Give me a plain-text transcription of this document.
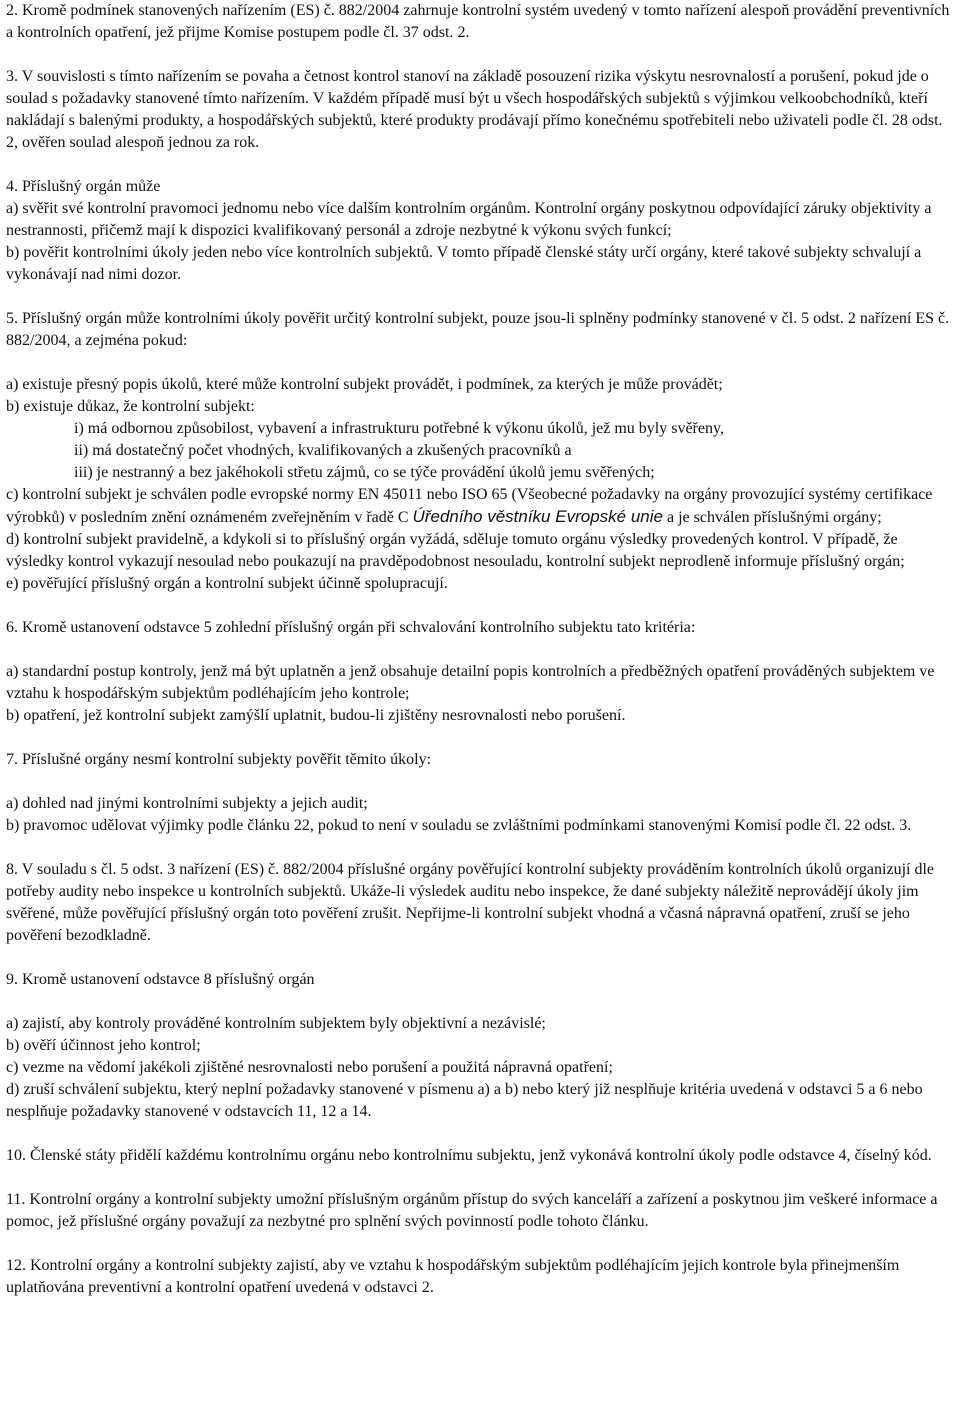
2. Kromě podmínek stanovených nařízením (ES) č. 882/2004 zahrnuje kontrolní systém uvedený v tomto nařízení alespoň provádění preventivních a kontrolních opatření, jež přijme Komise postupem podle čl. 37 odst. 2.

3. V souvislosti s tímto nařízením se povaha a četnost kontrol stanoví na základě posouzení rizika výskytu nesrovnalostí a porušení, pokud jde o soulad s požadavky stanovené tímto nařízením. V každém případě musí být u všech hospodářských subjektů s výjimkou velkoobchodníků, kteří nakládají s balenými produkty, a hospodářských subjektů, které produkty prodávají přímo konečnému spotřebiteli nebo uživateli podle čl. 28 odst. 2, ověřen soulad alespoň jednou za rok.

4. Příslušný orgán může

a) svěřit své kontrolní pravomoci jednomu nebo více dalším kontrolním orgánům. Kontrolní orgány poskytnou odpovídající záruky objektivity a nestrannosti, přičemž mají k dispozici kvalifikovaný personál a zdroje nezbytné k výkonu svých funkcí;

b) pověřit kontrolními úkoly jeden nebo více kontrolních subjektů. V tomto případě členské státy určí orgány, které takové subjekty schvalují a vykonávají nad nimi dozor.

5. Příslušný orgán může kontrolními úkoly pověřit určitý kontrolní subjekt, pouze jsou-li splněny podmínky stanovené v čl. 5 odst. 2 nařízení ES č. 882/2004, a zejména pokud:

a) existuje přesný popis úkolů, které může kontrolní subjekt provádět, i podmínek, za kterých je může provádět;

b) existuje důkaz, že kontrolní subjekt:

i) má odbornou způsobilost, vybavení a infrastrukturu potřebné k výkonu úkolů, jež mu byly svěřeny,

ii) má dostatečný počet vhodných, kvalifikovaných a zkušených pracovníků a

iii) je nestranný a bez jakéhokoli střetu zájmů, co se týče provádění úkolů jemu svěřených;

c) kontrolní subjekt je schválen podle evropské normy EN 45011 nebo ISO 65 (Všeobecné požadavky na orgány provozující systémy certifikace výrobků) v posledním znění oznámeném zveřejněním v řadě C Úředního věstníku Evropské unie a je schválen příslušnými orgány;

d) kontrolní subjekt pravidelně, a kdykoli si to příslušný orgán vyžádá, sděluje tomuto orgánu výsledky provedených kontrol. V případě, že výsledky kontrol vykazují nesoulad nebo poukazují na pravděpodobnost nesouladu, kontrolní subjekt neprodleně informuje příslušný orgán;

e) pověřující příslušný orgán a kontrolní subjekt účinně spolupracují.

6. Kromě ustanovení odstavce 5 zohlední příslušný orgán při schvalování kontrolního subjektu tato kritéria:

a) standardní postup kontroly, jenž má být uplatněn a jenž obsahuje detailní popis kontrolních a předběžných opatření prováděných subjektem ve vztahu k hospodářským subjektům podléhajícím jeho kontrole;

b) opatření, jež kontrolní subjekt zamýšlí uplatnit, budou-li zjištěny nesrovnalosti nebo porušení.

7. Příslušné orgány nesmí kontrolní subjekty pověřit těmito úkoly:

a) dohled nad jinými kontrolními subjekty a jejich audit;

b) pravomoc udělovat výjimky podle článku 22, pokud to není v souladu se zvláštními podmínkami stanovenými Komisí podle čl. 22 odst. 3.

8. V souladu s čl. 5 odst. 3 nařízení (ES) č. 882/2004 příslušné orgány pověřující kontrolní subjekty prováděním kontrolních úkolů organizují dle potřeby audity nebo inspekce u kontrolních subjektů. Ukáže-li výsledek auditu nebo inspekce, že dané subjekty náležitě neprovádějí úkoly jim svěřené, může pověřující příslušný orgán toto pověření zrušit. Nepřijme-li kontrolní subjekt vhodná a včasná nápravná opatření, zruší se jeho pověření bezodkladně.

9. Kromě ustanovení odstavce 8 příslušný orgán

a) zajistí, aby kontroly prováděné kontrolním subjektem byly objektivní a nezávislé;

b) ověří účinnost jeho kontrol;

c) vezme na vědomí jakékoli zjištěné nesrovnalosti nebo porušení a použitá nápravná opatření;

d) zruší schválení subjektu, který neplní požadavky stanovené v písmenu a) a b) nebo který již nesplňuje kritéria uvedená v odstavci 5 a 6 nebo nesplňuje požadavky stanovené v odstavcích 11, 12 a 14.

10. Členské státy přidělí každému kontrolnímu orgánu nebo kontrolnímu subjektu, jenž vykonává kontrolní úkoly podle odstavce 4, číselný kód.

11. Kontrolní orgány a kontrolní subjekty umožní příslušným orgánům přístup do svých kanceláří a zařízení a poskytnou jim veškeré informace a pomoc, jež příslušné orgány považují za nezbytné pro splnění svých povinností podle tohoto článku.

12. Kontrolní orgány a kontrolní subjekty zajistí, aby ve vztahu k hospodářským subjektům podléhajícím jejich kontrole byla přinejmenším uplatňována preventivní a kontrolní opatření uvedená v odstavci 2.
